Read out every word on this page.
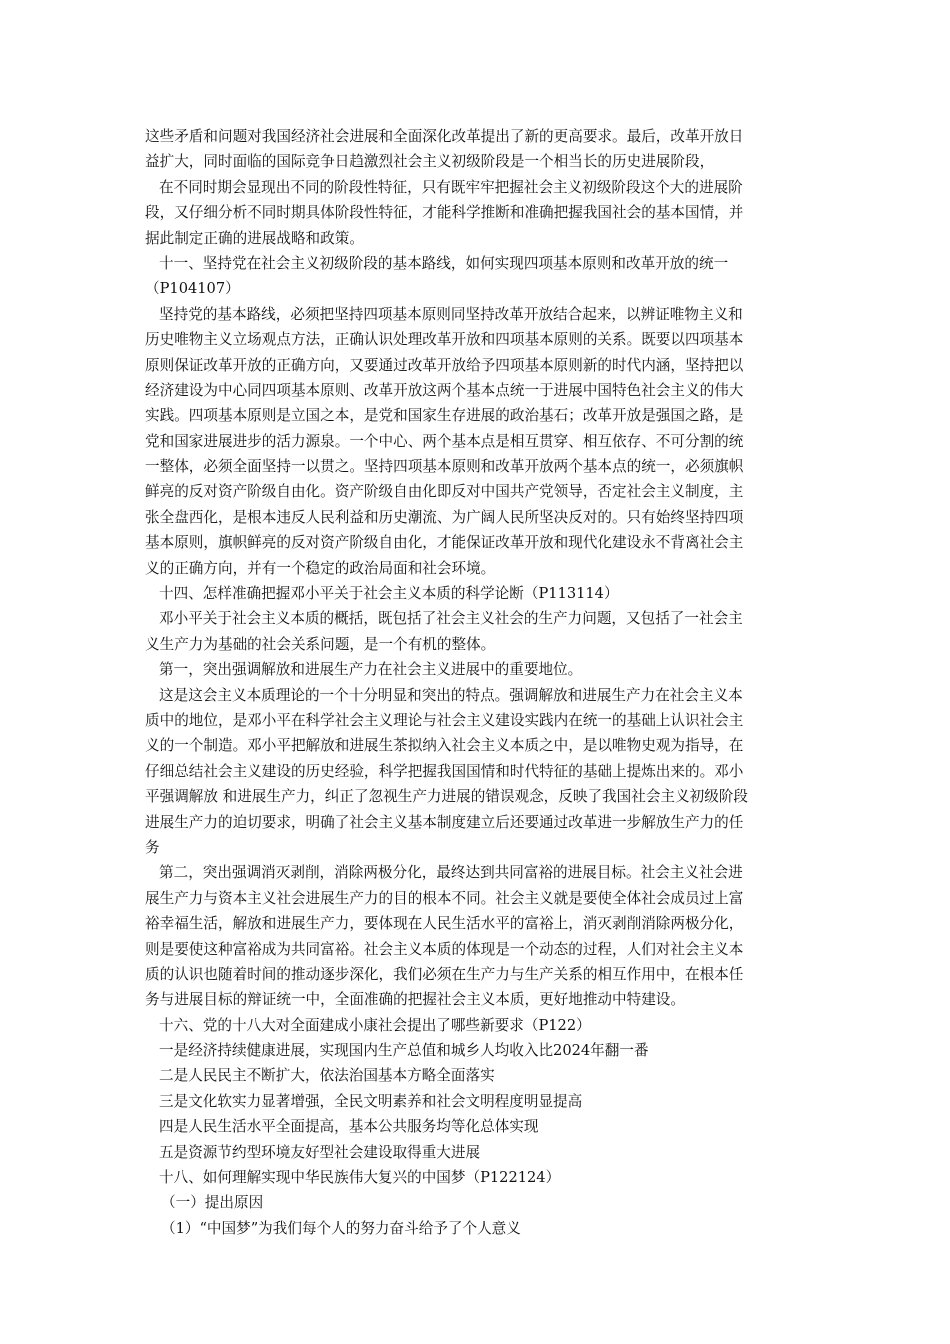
这些矛盾和问题对我国经济社会进展和全面深化改革提出了新的更高要求。最后，改革开放日
益扩大，同时面临的国际竞争日趋激烈社会主义初级阶段是一个相当长的历史进展阶段，
在不同时期会显现出不同的阶段性特征，只有既牢牢把握社会主义初级阶段这个大的进展阶
段，又仔细分析不同时期具体阶段性特征，才能科学推断和准确把握我国社会的基本国情，并
据此制定正确的进展战略和政策。
十一、坚持党在社会主义初级阶段的基本路线，如何实现四项基本原则和改革开放的统一
（P104107）
坚持党的基本路线，必须把坚持四项基本原则同坚持改革开放结合起来，以辨证唯物主义和
历史唯物主义立场观点方法，正确认识处理改革开放和四项基本原则的关系。既要以四项基本
原则保证改革开放的正确方向，又要通过改革开放给予四项基本原则新的时代内涵，坚持把以
经济建设为中心同四项基本原则、改革开放这两个基本点统一于进展中国特色社会主义的伟大
实践。四项基本原则是立国之本，是党和国家生存进展的政治基石；改革开放是强国之路，是
党和国家进展进步的活力源泉。一个中心、两个基本点是相互贯穿、相互依存、不可分割的统
一整体，必须全面坚持一以贯之。坚持四项基本原则和改革开放两个基本点的统一，必须旗帜
鲜亮的反对资产阶级自由化。资产阶级自由化即反对中国共产党领导，否定社会主义制度，主
张全盘西化，是根本违反人民利益和历史潮流、为广阔人民所坚决反对的。只有始终坚持四项
基本原则，旗帜鲜亮的反对资产阶级自由化，才能保证改革开放和现代化建设永不背离社会主
义的正确方向，并有一个稳定的政治局面和社会环境。
十四、怎样准确把握邓小平关于社会主义本质的科学论断（P113114）
邓小平关于社会主义本质的概括，既包括了社会主义社会的生产力问题，又包括了一社会主
义生产力为基础的社会关系问题，是一个有机的整体。
第一，突出强调解放和进展生产力在社会主义进展中的重要地位。
这是这会主义本质理论的一个十分明显和突出的特点。强调解放和进展生产力在社会主义本
质中的地位，是邓小平在科学社会主义理论与社会主义建设实践内在统一的基础上认识社会主
义的一个制造。邓小平把解放和进展生茶拟纳入社会主义本质之中，是以唯物史观为指导，在
仔细总结社会主义建设的历史经验，科学把握我国国情和时代特征的基础上提炼出来的。邓小
平强调解放 和进展生产力，纠正了忽视生产力进展的错误观念，反映了我国社会主义初级阶段
进展生产力的迫切要求，明确了社会主义基本制度建立后还要通过改革进一步解放生产力的任
务
第二，突出强调消灭剥削，消除两极分化，最终达到共同富裕的进展目标。社会主义社会进
展生产力与资本主义社会进展生产力的目的根本不同。社会主义就是要使全体社会成员过上富
裕幸福生活，解放和进展生产力，要体现在人民生活水平的富裕上，消灭剥削消除两极分化，
则是要使这种富裕成为共同富裕。社会主义本质的体现是一个动态的过程，人们对社会主义本
质的认识也随着时间的推动逐步深化，我们必须在生产力与生产关系的相互作用中，在根本任
务与进展目标的辩证统一中，全面准确的把握社会主义本质，更好地推动中特建设。
十六、党的十八大对全面建成小康社会提出了哪些新要求（P122）
一是经济持续健康进展，实现国内生产总值和城乡人均收入比2024年翻一番
二是人民民主不断扩大，依法治国基本方略全面落实
三是文化软实力显著增强，全民文明素养和社会文明程度明显提高
四是人民生活水平全面提高，基本公共服务均等化总体实现
五是资源节约型环境友好型社会建设取得重大进展
十八、如何理解实现中华民族伟大复兴的中国梦（P122124）
（一）提出原因
（1）“中国梦”为我们每个人的努力奋斗给予了个人意义
